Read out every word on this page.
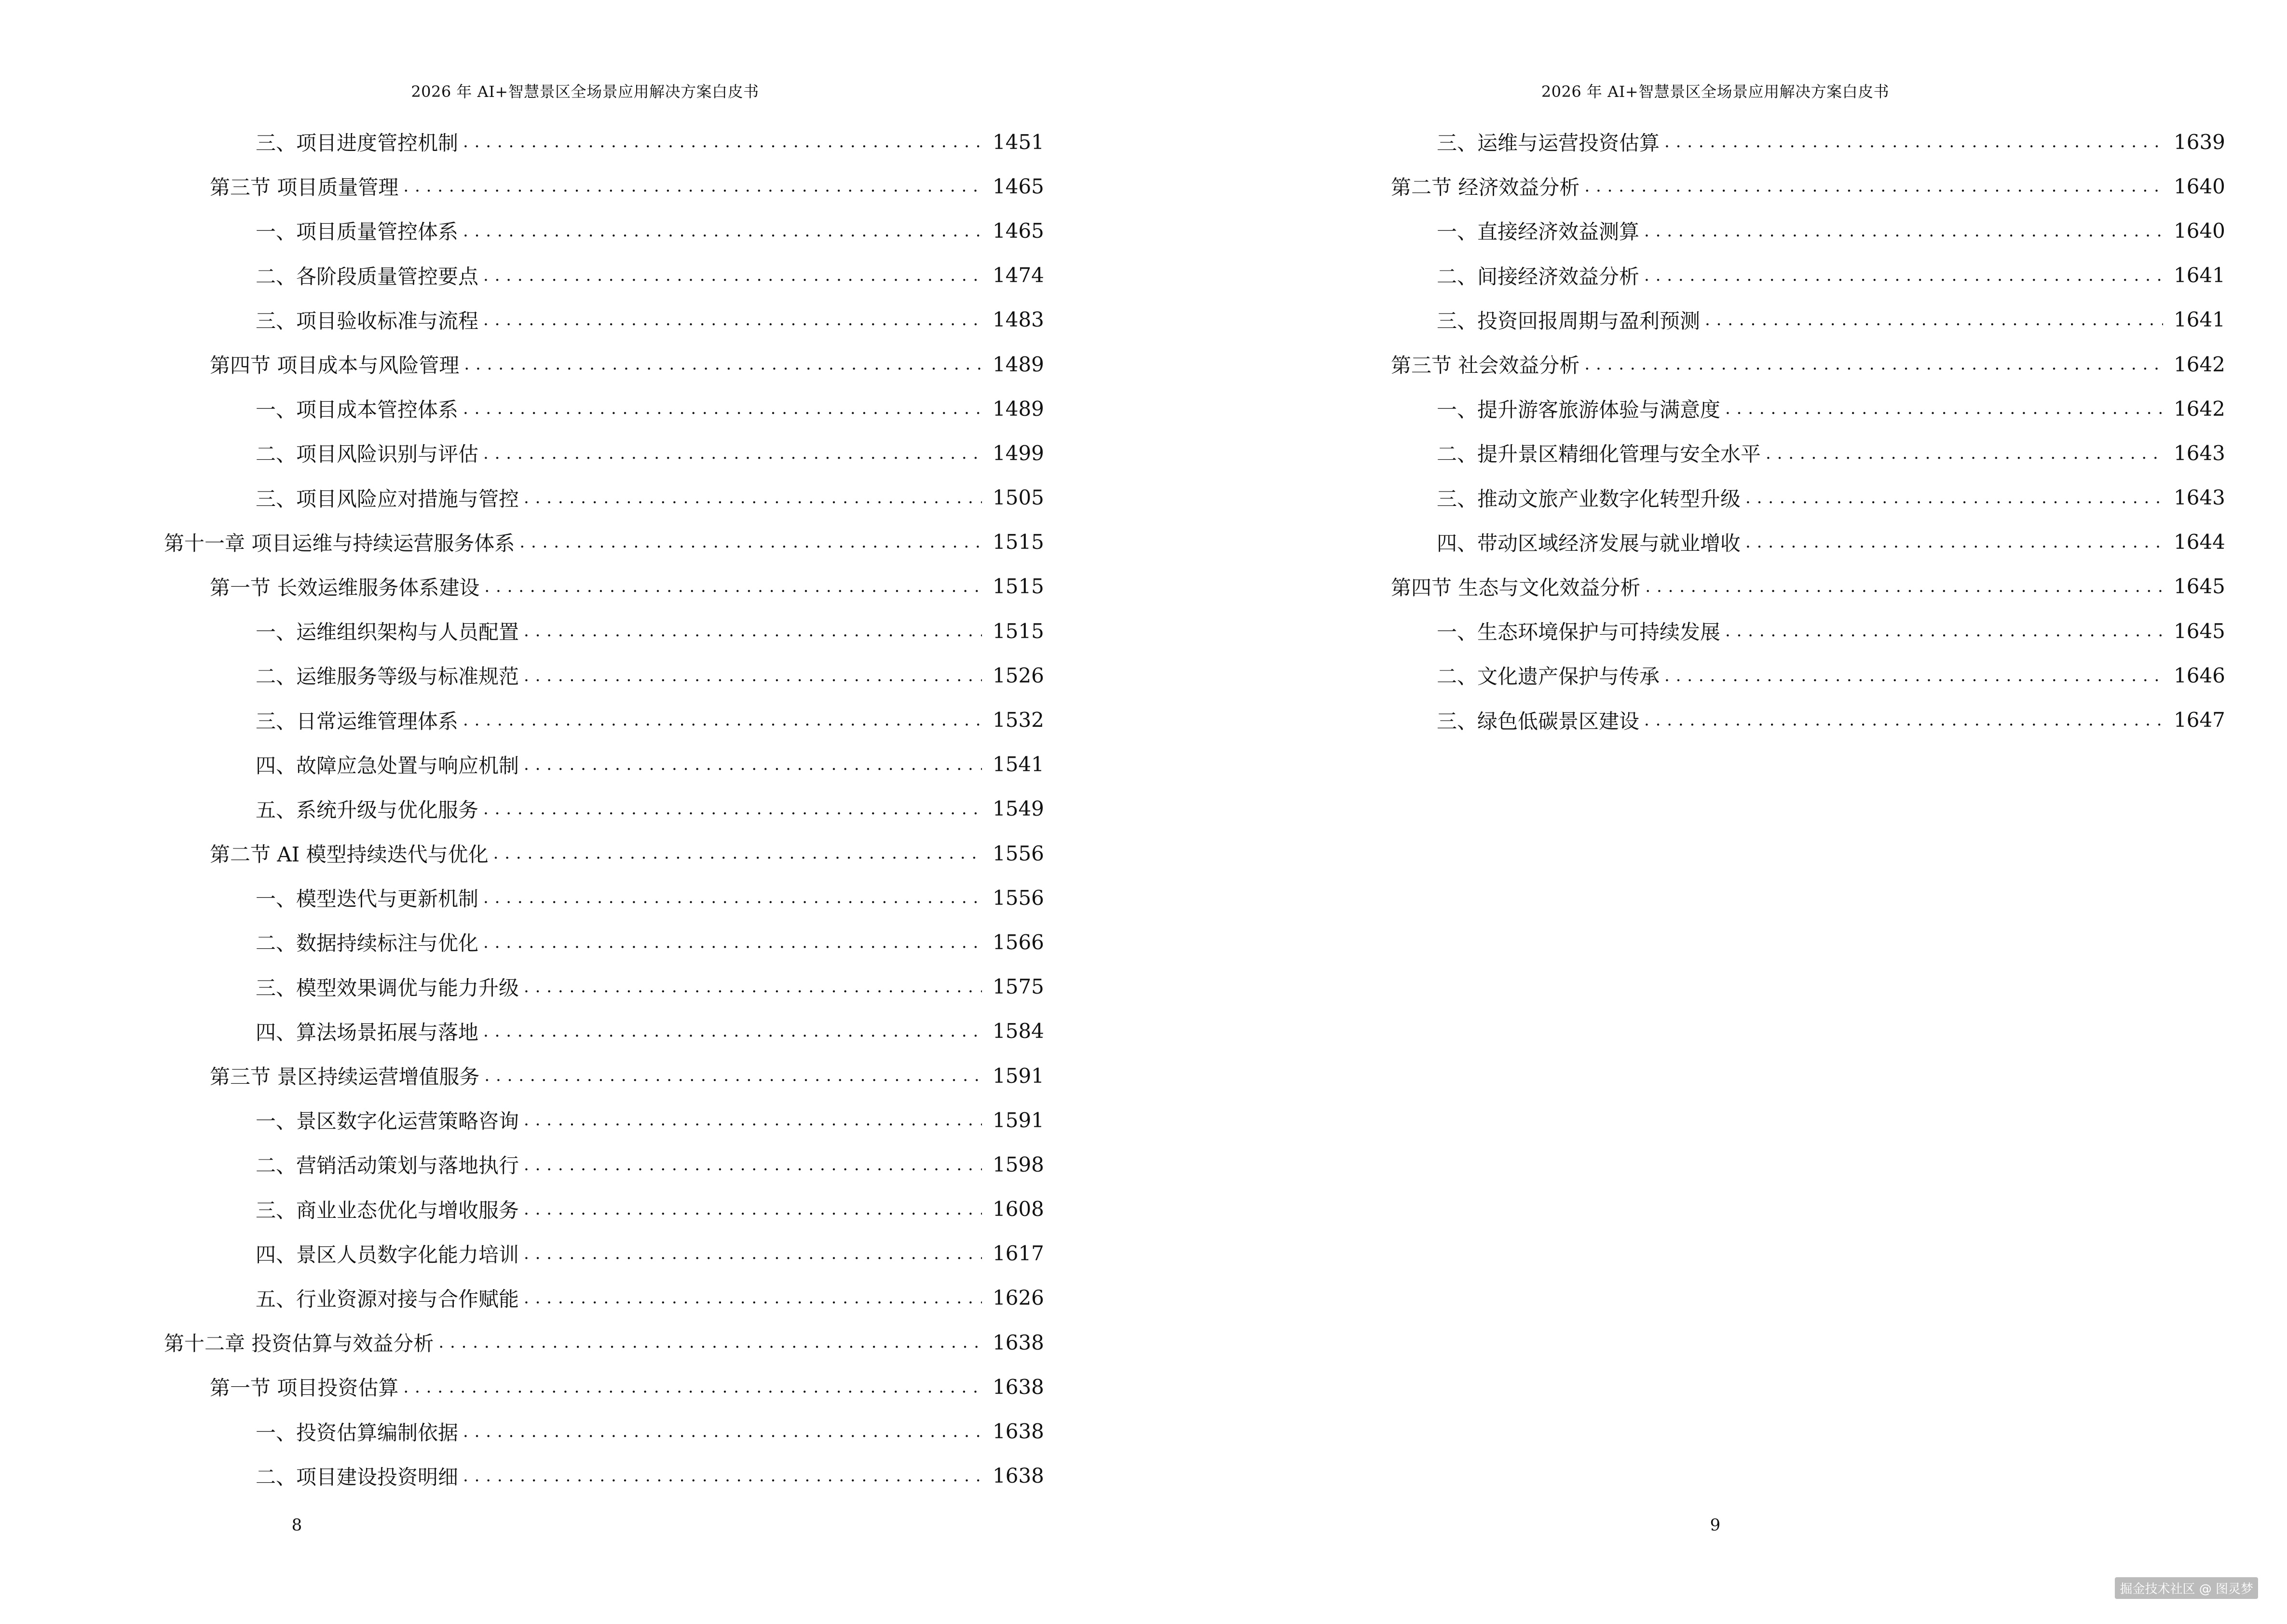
2026 年 AI+智慧景区全场景应用解决方案白皮书
三、项目进度管控机制 . . .	1451
第三节 项目质量管理 . . .	1465
一、项目质量管控体系 . . .	1465
二、各阶段质量管控要点 . . .	1474
三、项目验收标准与流程 . . .	1483
第四节 项目成本与风险管理 . . .	1489
一、项目成本管控体系 . . .	1489
二、项目风险识别与评估 . . .	1499
三、项目风险应对措施与管控 . . .	1505
第十一章 项目运维与持续运营服务体系 . . .	1515
第一节 长效运维服务体系建设 . . .	1515
一、运维组织架构与人员配置 . . .	1515
二、运维服务等级与标准规范 . . .	1526
三、日常运维管理体系 . . .	1532
四、故障应急处置与响应机制 . . .	1541
五、系统升级与优化服务 . . .	1549
第二节 AI 模型持续迭代与优化 . . .	1556
一、模型迭代与更新机制 . . .	1556
二、数据持续标注与优化 . . .	1566
三、模型效果调优与能力升级 . . .	1575
四、算法场景拓展与落地 . . .	1584
第三节 景区持续运营增值服务 . . .	1591
一、景区数字化运营策略咨询 . . .	1591
二、营销活动策划与落地执行 . . .	1598
三、商业业态优化与增收服务 . . .	1608
四、景区人员数字化能力培训 . . .	1617
五、行业资源对接与合作赋能 . . .	1626
第十二章 投资估算与效益分析 . . .	1638
第一节 项目投资估算 . . .	1638
一、投资估算编制依据 . . .	1638
二、项目建设投资明细 . . .	1638
8
2026 年 AI+智慧景区全场景应用解决方案白皮书
三、运维与运营投资估算 . . .	1639
第二节 经济效益分析 . . .	1640
一、直接经济效益测算 . . .	1640
二、间接经济效益分析 . . .	1641
三、投资回报周期与盈利预测 . . .	1641
第三节 社会效益分析 . . .	1642
一、提升游客旅游体验与满意度 . . .	1642
二、提升景区精细化管理与安全水平 . . .	1643
三、推动文旅产业数字化转型升级 . . .	1643
四、带动区域经济发展与就业增收 . . .	1644
第四节 生态与文化效益分析 . . .	1645
一、生态环境保护与可持续发展 . . .	1645
二、文化遗产保护与传承 . . .	1646
三、绿色低碳景区建设 . . .	1647
9
掘金技术社区 @ 图灵梦
